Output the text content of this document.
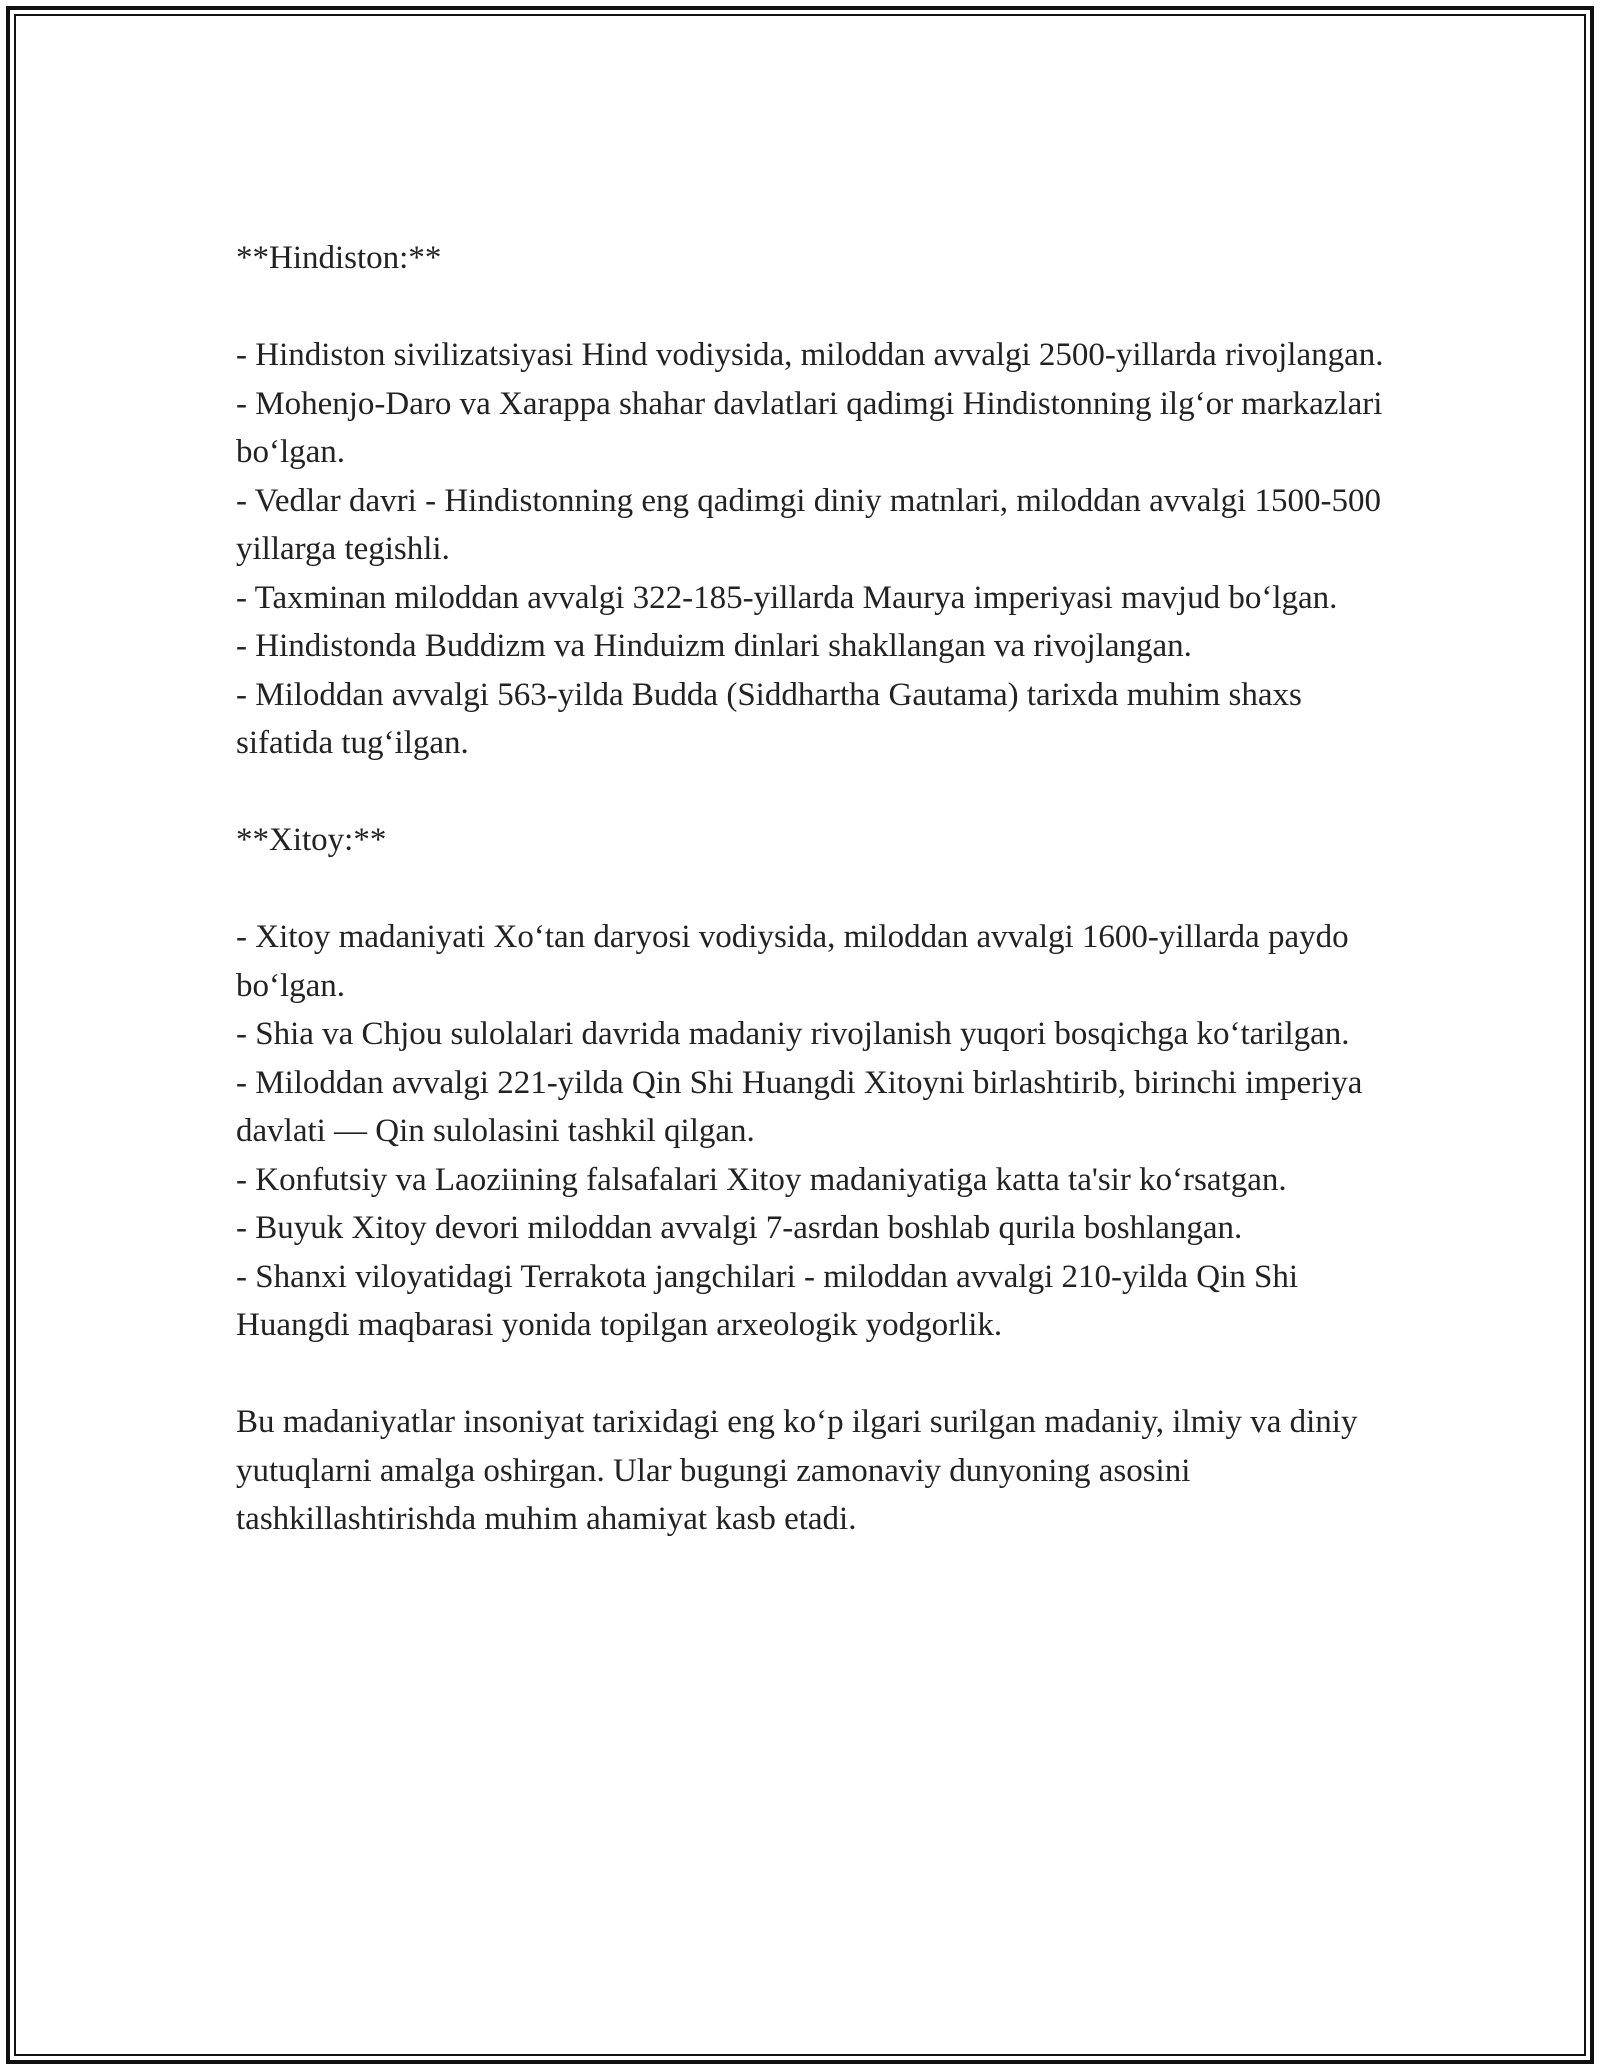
**Hindiston:**

- Hindiston sivilizatsiyasi Hind vodiysida, miloddan avvalgi 2500-yillarda rivojlangan.

- Mohenjo-Daro va Xarappa shahar davlatlari qadimgi Hindistonning ilg‘or markazlari bo‘lgan.

- Vedlar davri - Hindistonning eng qadimgi diniy matnlari, miloddan avvalgi 1500-500 yillarga tegishli.

- Taxminan miloddan avvalgi 322-185-yillarda Maurya imperiyasi mavjud bo‘lgan.

- Hindistonda Buddizm va Hinduizm dinlari shakllangan va rivojlangan.

- Miloddan avvalgi 563-yilda Budda (Siddhartha Gautama) tarixda muhim shaxs sifatida tug‘ilgan.

**Xitoy:**

- Xitoy madaniyati Xo‘tan daryosi vodiysida, miloddan avvalgi 1600-yillarda paydo bo‘lgan.

- Shia va Chjou sulolalari davrida madaniy rivojlanish yuqori bosqichga ko‘tarilgan.

- Miloddan avvalgi 221-yilda Qin Shi Huangdi Xitoyni birlashtirib, birinchi imperiya davlati — Qin sulolasini tashkil qilgan.

- Konfutsiy va Laoziining falsafalari Xitoy madaniyatiga katta ta'sir ko‘rsatgan.

- Buyuk Xitoy devori miloddan avvalgi 7-asrdan boshlab qurila boshlangan.

- Shanxi viloyatidagi Terrakota jangchilari - miloddan avvalgi 210-yilda Qin Shi Huangdi maqbarasi yonida topilgan arxeologik yodgorlik.

Bu madaniyatlar insoniyat tarixidagi eng ko‘p ilgari surilgan madaniy, ilmiy va diniy yutuqlarni amalga oshirgan. Ular bugungi zamonaviy dunyoning asosini tashkillashtirishda muhim ahamiyat kasb etadi.
